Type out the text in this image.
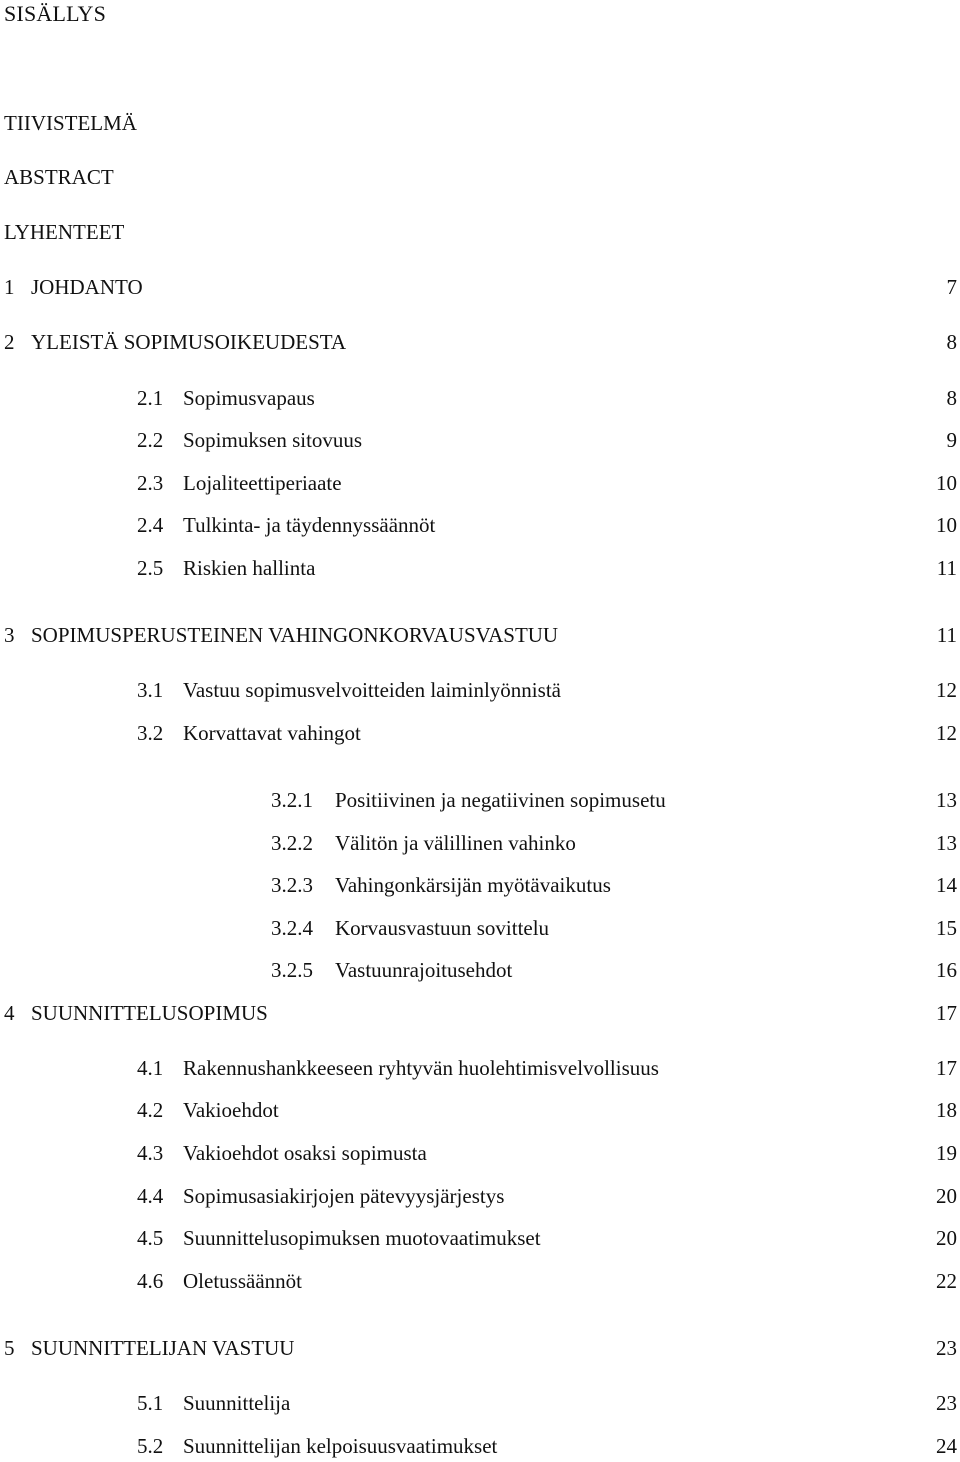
SISÄLLYS
TIIVISTELMÄ
ABSTRACT
LYHENTEET
1 JOHDANTO	7
2 YLEISTÄ SOPIMUSOIKEUDESTA	8
2.1 Sopimusvapaus	8
2.2 Sopimuksen sitovuus	9
2.3 Lojaliteettiperiaate	10
2.4 Tulkinta- ja täydennyssäännöt	10
2.5 Riskien hallinta	11
3 SOPIMUSPERUSTEINEN VAHINGONKORVAUSVASTUU	11
3.1 Vastuu sopimusvelvoitteiden laiminlyönnistä	12
3.2 Korvattavat vahingot	12
3.2.1 Positiivinen ja negatiivinen sopimusetu	13
3.2.2 Välitön ja välillinen vahinko	13
3.2.3 Vahingonkärsijän myötävaikutus	14
3.2.4 Korvausvastuun sovittelu	15
3.2.5 Vastuunrajoitusehdot	16
4 SUUNNITTELUSOPIMUS	17
4.1 Rakennushankkeeseen ryhtyvän huolehtimisvelvollisuus	17
4.2 Vakioehdot	18
4.3 Vakioehdot osaksi sopimusta	19
4.4 Sopimusasiakirjojen pätevyysjärjestys	20
4.5 Suunnittelusopimuksen muotovaatimukset	20
4.6 Oletussäännöt	22
5 SUUNNITTELIJAN VASTUU	23
5.1 Suunnittelija	23
5.2 Suunnittelijan kelpoisuusvaatimukset	24
